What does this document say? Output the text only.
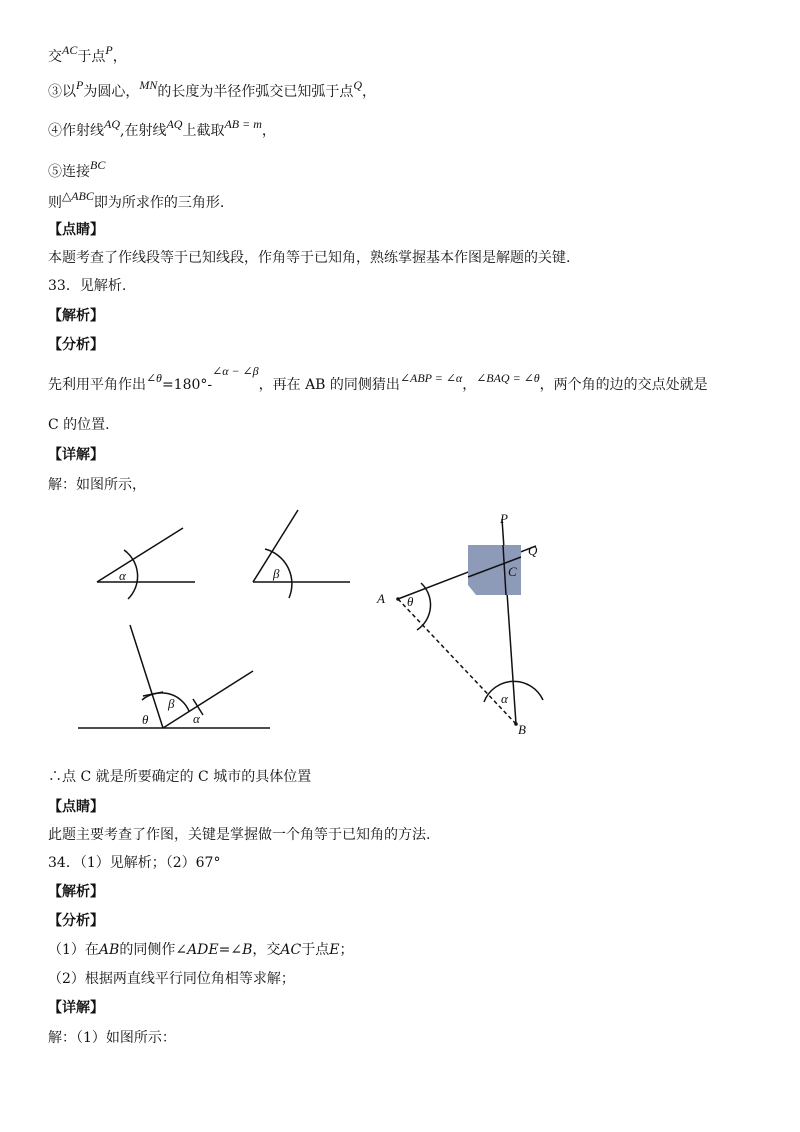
交AC于点P，
③以P为圆心，MN的长度为半径作弧交已知弧于点Q，
④作射线AQ,在射线AQ上截取AB = m，
⑤连接BC
则△ABC即为所求作的三角形.
【点睛】
本题考查了作线段等于已知线段，作角等于已知角，熟练掌握基本作图是解题的关键.
33．见解析.
【解析】
【分析】
先利用平角作出∠θ=180°-∠α − ∠β，再在 AB 的同侧猜出∠ABP = ∠α，∠BAQ = ∠θ，两个角的边的交点处就是
C 的位置.
【详解】
解：如图所示，
α	β
θ
β
α
θ
α
P
Q
C
A
B
∴点 C 就是所要确定的 C 城市的具体位置
【点睛】
此题主要考查了作图，关键是掌握做一个角等于已知角的方法.
34．（1）见解析；（2）67°
【解析】
【分析】
（1）在AB的同侧作∠ADE=∠B，交AC于点E；
（2）根据两直线平行同位角相等求解；
【详解】
解：（1）如图所示：
